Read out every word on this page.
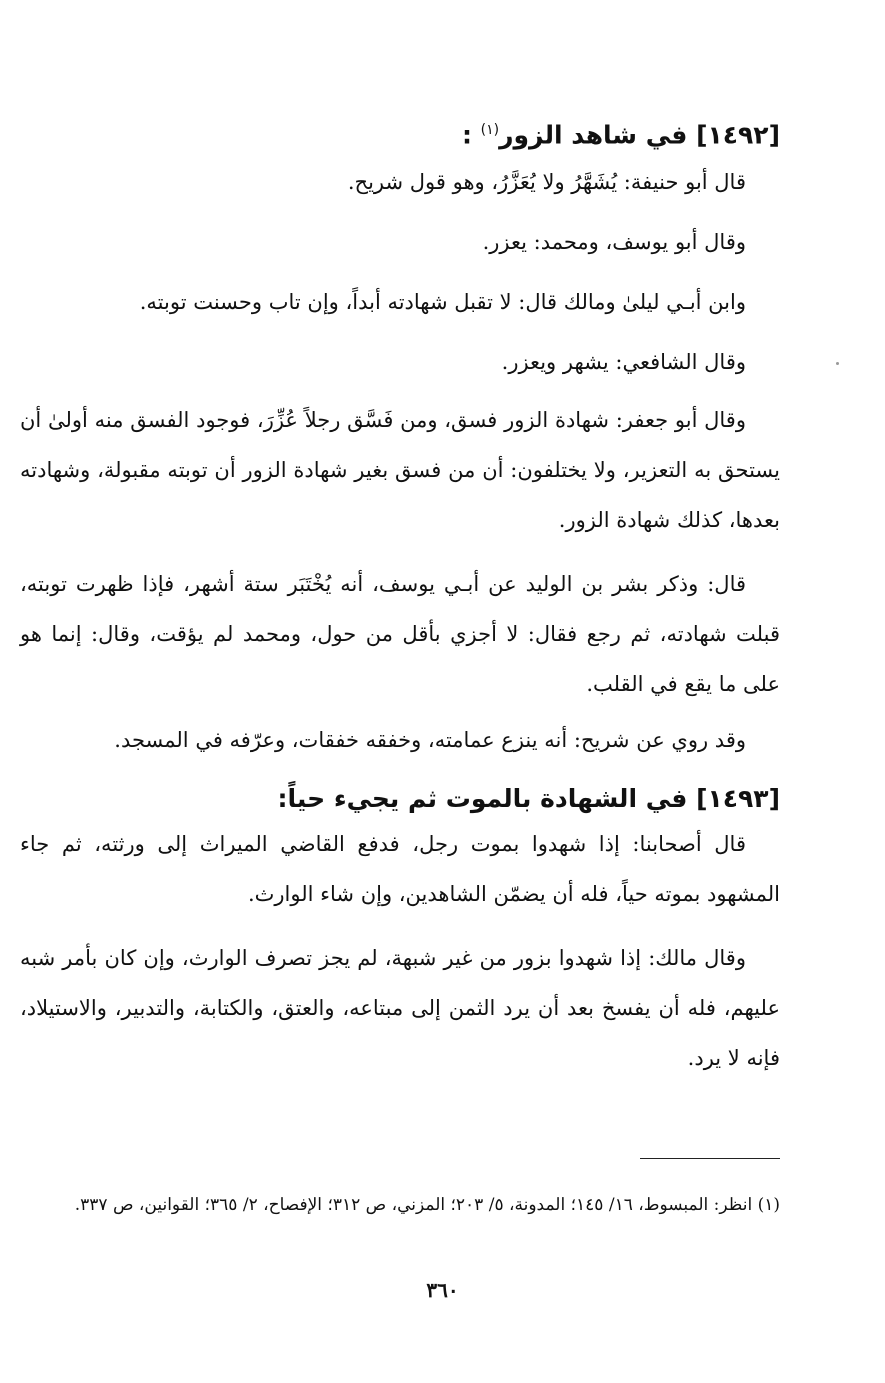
[١٤٩٢] في شاهد الزور$^{(١)}$ :

قال أبو حنيفة: يُشَهَّرُ ولا يُعَزَّرُ، وهو قول شريح.

وقال أبو يوسف، ومحمد: يعزر.

وابن أبـي ليلىٰ ومالك قال: لا تقبل شهادته أبداً، وإن تاب وحسنت توبته.

وقال الشافعي: يشهر ويعزر.

وقال أبو جعفر: شهادة الزور فسق، ومن فَسَّق رجلاً عُزِّرَ، فوجود الفسق منه أولىٰ أن يستحق به التعزير، ولا يختلفون: أن من فسق بغير شهادة الزور أن توبته مقبولة، وشهادته بعدها، كذلك شهادة الزور.

قال: وذكر بشر بن الوليد عن أبـي يوسف، أنه يُخْتَبَر ستة أشهر، فإذا ظهرت توبته، قبلت شهادته، ثم رجع فقال: لا أجزي بأقل من حول، ومحمد لم يؤقت، وقال: إنما هو على ما يقع في القلب.

وقد روي عن شريح: أنه ينزع عمامته، وخفقه خفقات، وعرّفه في المسجد.

[١٤٩٣] في الشهادة بالموت ثم يجيء حياً:

قال أصحابنا: إذا شهدوا بموت رجل، فدفع القاضي الميراث إلى ورثته، ثم جاء المشهود بموته حياً، فله أن يضمّن الشاهدين، وإن شاء الوارث.

وقال مالك: إذا شهدوا بزور من غير شبهة، لم يجز تصرف الوارث، وإن كان بأمر شبه عليهم، فله أن يفسخ بعد أن يرد الثمن إلى مبتاعه، والعتق، والكتابة، والتدبير، والاستيلاد، فإنه لا يرد.

(١) انظر: المبسوط، ١٦/ ١٤٥؛ المدونة، ٥/ ٢٠٣؛ المزني، ص ٣١٢؛ الإفصاح، ٢/ ٣٦٥؛ القوانين، ص ٣٣٧.

٣٦٠
